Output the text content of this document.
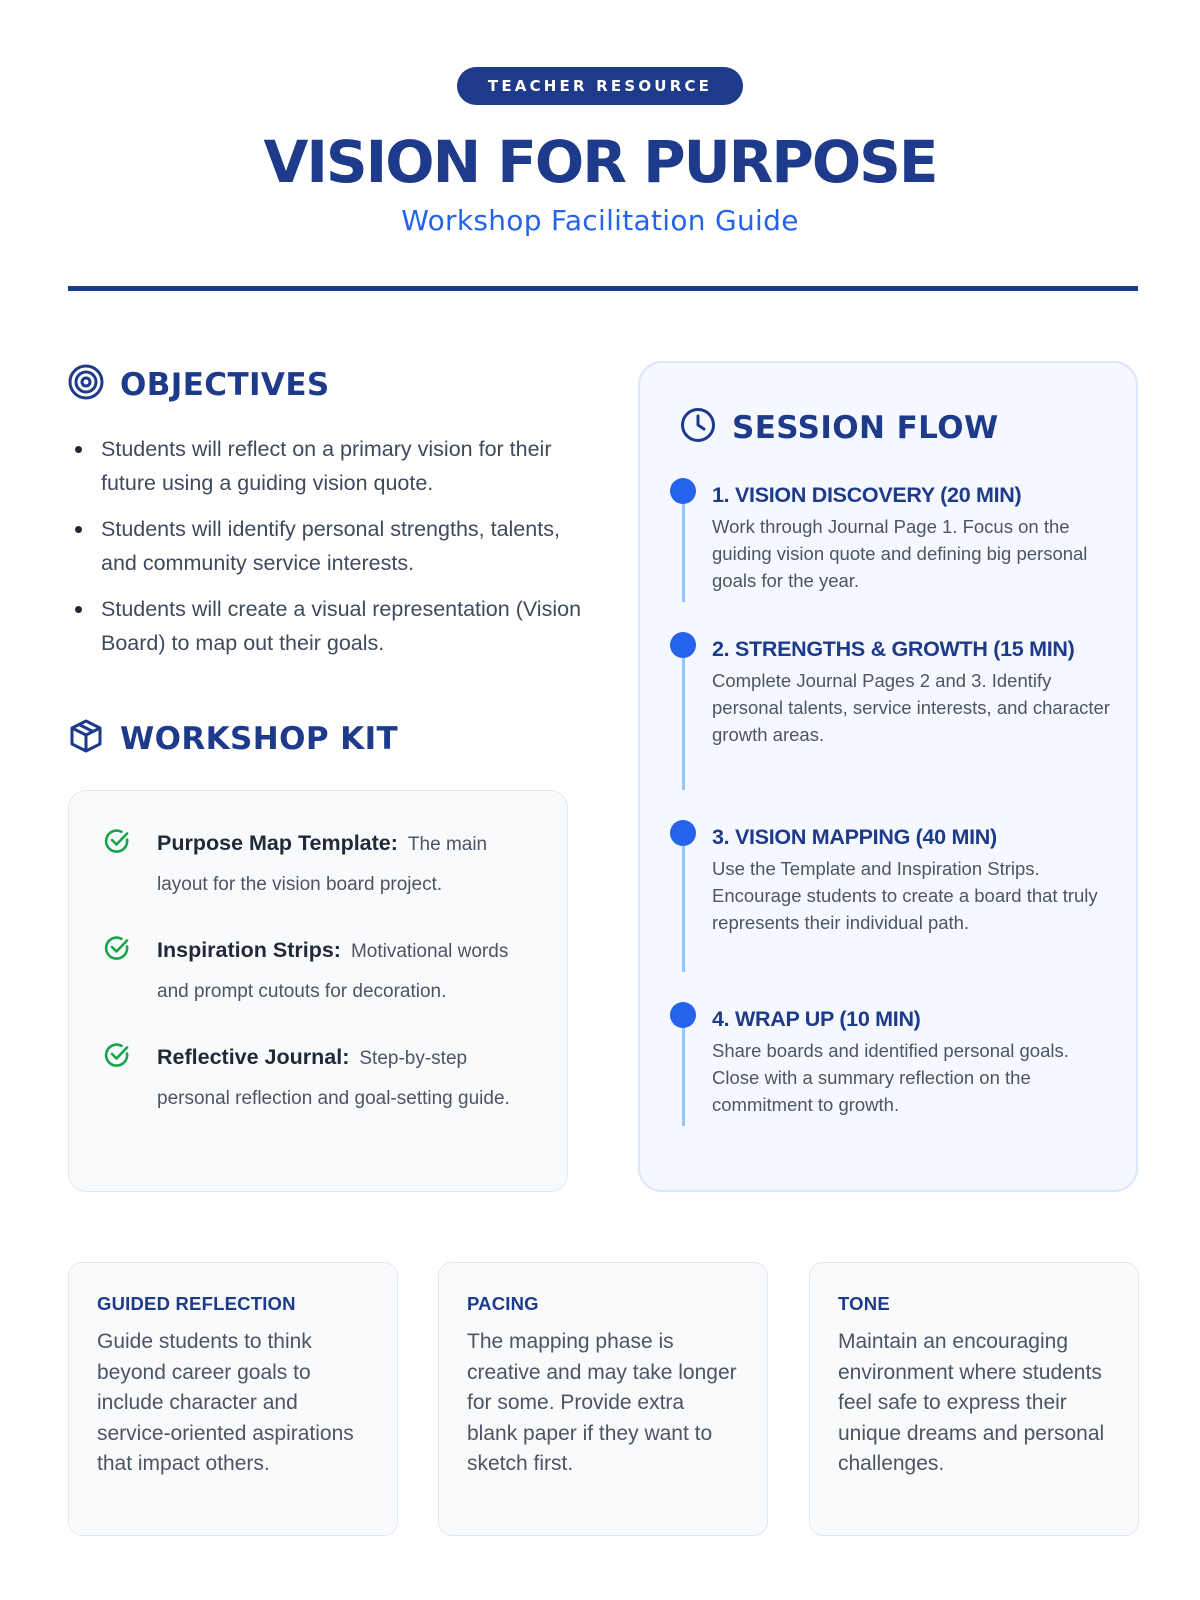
TEACHER RESOURCE
VISION FOR PURPOSE
Workshop Facilitation Guide
OBJECTIVES
Students will reflect on a primary vision for their future using a guiding vision quote.
Students will identify personal strengths, talents, and community service interests.
Students will create a visual representation (Vision Board) to map out their goals.
WORKSHOP KIT
Purpose Map Template: The main layout for the vision board project.
Inspiration Strips: Motivational words and prompt cutouts for decoration.
Reflective Journal: Step-by-step personal reflection and goal-setting guide.
SESSION FLOW
1. VISION DISCOVERY (20 MIN)
Work through Journal Page 1. Focus on the guiding vision quote and defining big personal goals for the year.
2. STRENGTHS & GROWTH (15 MIN)
Complete Journal Pages 2 and 3. Identify personal talents, service interests, and character growth areas.
3. VISION MAPPING (40 MIN)
Use the Template and Inspiration Strips. Encourage students to create a board that truly represents their individual path.
4. WRAP UP (10 MIN)
Share boards and identified personal goals. Close with a summary reflection on the commitment to growth.
GUIDED REFLECTION
Guide students to think beyond career goals to include character and service-oriented aspirations that impact others.
PACING
The mapping phase is creative and may take longer for some. Provide extra blank paper if they want to sketch first.
TONE
Maintain an encouraging environment where students feel safe to express their unique dreams and personal challenges.
